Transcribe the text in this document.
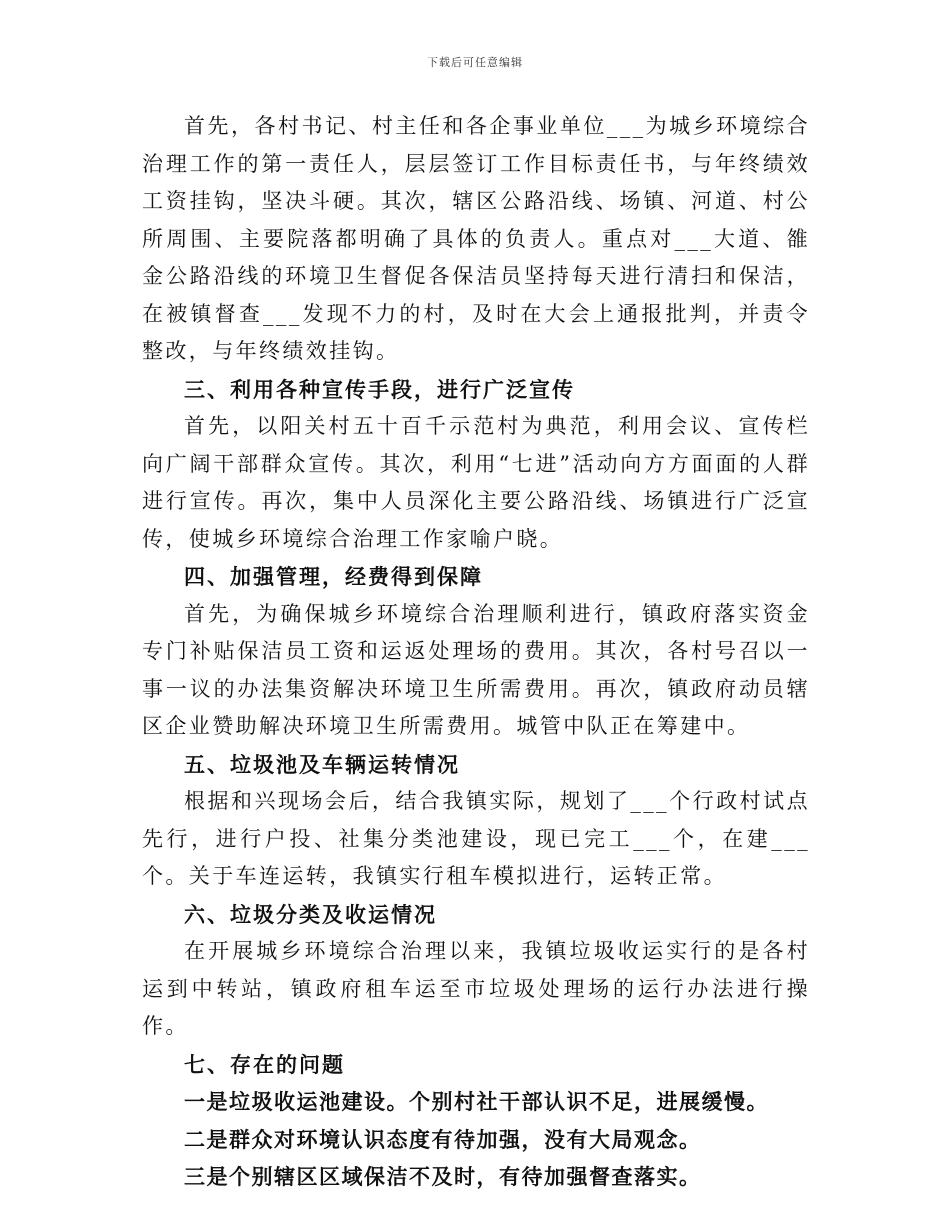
下载后可任意编辑

首先，各村书记、村主任和各企事业单位___为城乡环境综合治理工作的第一责任人，层层签订工作目标责任书，与年终绩效工资挂钩，坚决斗硬。其次，辖区公路沿线、场镇、河道、村公所周围、主要院落都明确了具体的负责人。重点对___大道、雒金公路沿线的环境卫生督促各保洁员坚持每天进行清扫和保洁，在被镇督查___发现不力的村，及时在大会上通报批判，并责令整改，与年终绩效挂钩。

三、利用各种宣传手段，进行广泛宣传

首先，以阳关村五十百千示范村为典范，利用会议、宣传栏向广阔干部群众宣传。其次，利用“七进”活动向方方面面的人群进行宣传。再次，集中人员深化主要公路沿线、场镇进行广泛宣传，使城乡环境综合治理工作家喻户晓。

四、加强管理，经费得到保障

首先，为确保城乡环境综合治理顺利进行，镇政府落实资金专门补贴保洁员工资和运返处理场的费用。其次，各村号召以一事一议的办法集资解决环境卫生所需费用。再次，镇政府动员辖区企业赞助解决环境卫生所需费用。城管中队正在筹建中。

五、垃圾池及车辆运转情况

根据和兴现场会后，结合我镇实际，规划了___个行政村试点先行，进行户投、社集分类池建设，现已完工___个，在建___个。关于车连运转，我镇实行租车模拟进行，运转正常。

六、垃圾分类及收运情况

在开展城乡环境综合治理以来，我镇垃圾收运实行的是各村运到中转站，镇政府租车运至市垃圾处理场的运行办法进行操作。

七、存在的问题

一是垃圾收运池建设。个别村社干部认识不足，进展缓慢。

二是群众对环境认识态度有待加强，没有大局观念。

三是个别辖区区域保洁不及时，有待加强督查落实。
